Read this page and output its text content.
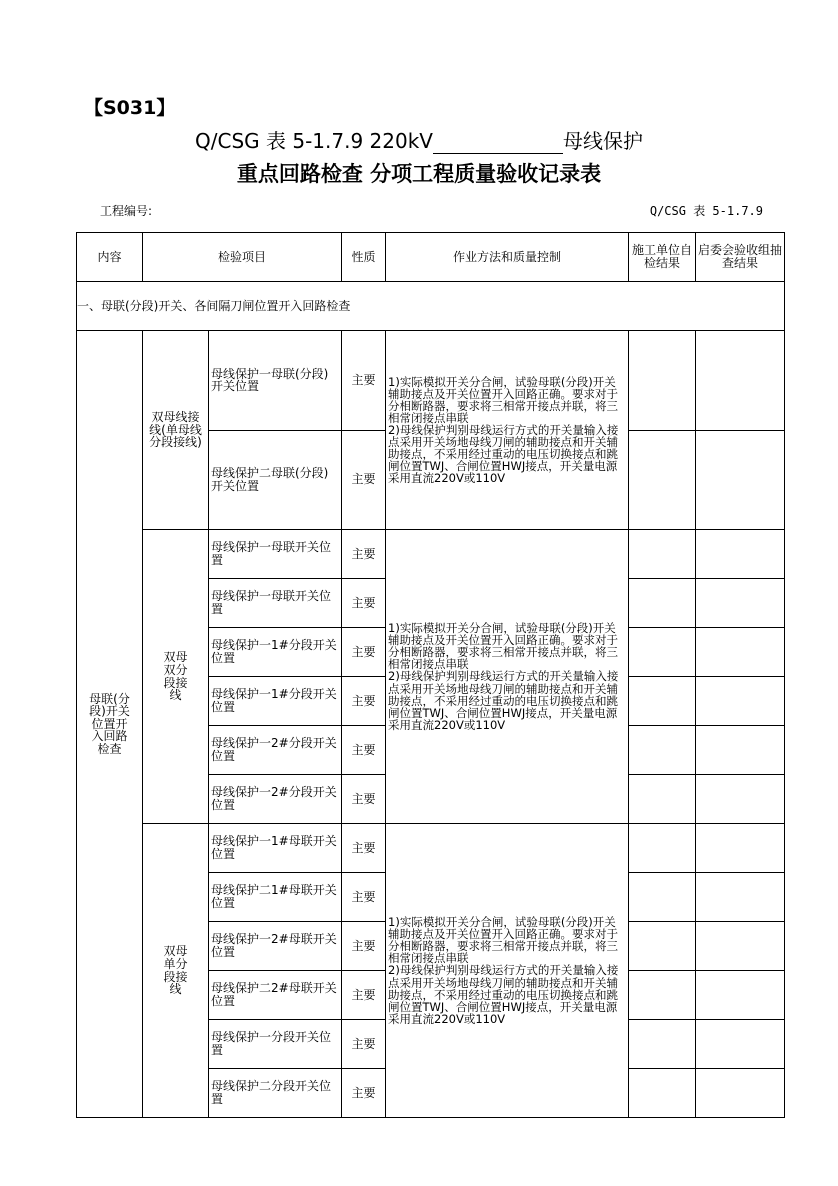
【S031】
Q/CSG 表 5-1.7.9 220kV	母线保护
重点回路检查 分项工程质量验收记录表
工程编号:	Q/CSG 表 5-1.7.9
内容	检验项目		性质	作业方法和质量控制	施工单位自检结果	启委会验收组抽查结果
一、母联(分段)开关、各间隔刀闸位置开入回路检查						
母联(分段)开关位置开入回路检查	双母线接线(单母线分段接线)	母线保护一母联(分段)开关位置	主要	1)实际模拟开关分合闸，试验母联(分段)开关辅助接点及开关位置开入回路正确。要求对于分相断路器，要求将三相常开接点并联，将三相常闭接点串联
2)母线保护判别母线运行方式的开关量输入接点采用开关场地母线刀闸的辅助接点和开关辅助接点，不采用经过重动的电压切换接点和跳闸位置TWJ、合闸位置HWJ接点，开关量电源采用直流220V或110V		
		母线保护二母联(分段)开关位置	主要			
	双母双分段接线	母线保护一母联开关位置	主要	1)实际模拟开关分合闸，试验母联(分段)开关辅助接点及开关位置开入回路正确。要求对于分相断路器，要求将三相常开接点并联，将三相常闭接点串联
2)母线保护判别母线运行方式的开关量输入接点采用开关场地母线刀闸的辅助接点和开关辅助接点，不采用经过重动的电压切换接点和跳闸位置TWJ、合闸位置HWJ接点，开关量电源采用直流220V或110V		
		母线保护一母联开关位置	主要			
		母线保护一1#分段开关位置	主要			
		母线保护一1#分段开关位置	主要			
		母线保护一2#分段开关位置	主要			
		母线保护一2#分段开关位置	主要			
	双母单分段接线	母线保护一1#母联开关位置	主要	1)实际模拟开关分合闸，试验母联(分段)开关辅助接点及开关位置开入回路正确。要求对于分相断路器，要求将三相常开接点并联，将三相常闭接点串联
2)母线保护判别母线运行方式的开关量输入接点采用开关场地母线刀闸的辅助接点和开关辅助接点，不采用经过重动的电压切换接点和跳闸位置TWJ、合闸位置HWJ接点，开关量电源采用直流220V或110V		
		母线保护二1#母联开关位置	主要			
		母线保护一2#母联开关位置	主要			
		母线保护二2#母联开关位置	主要			
		母线保护一分段开关位置	主要			
		母线保护二分段开关位置	主要			
